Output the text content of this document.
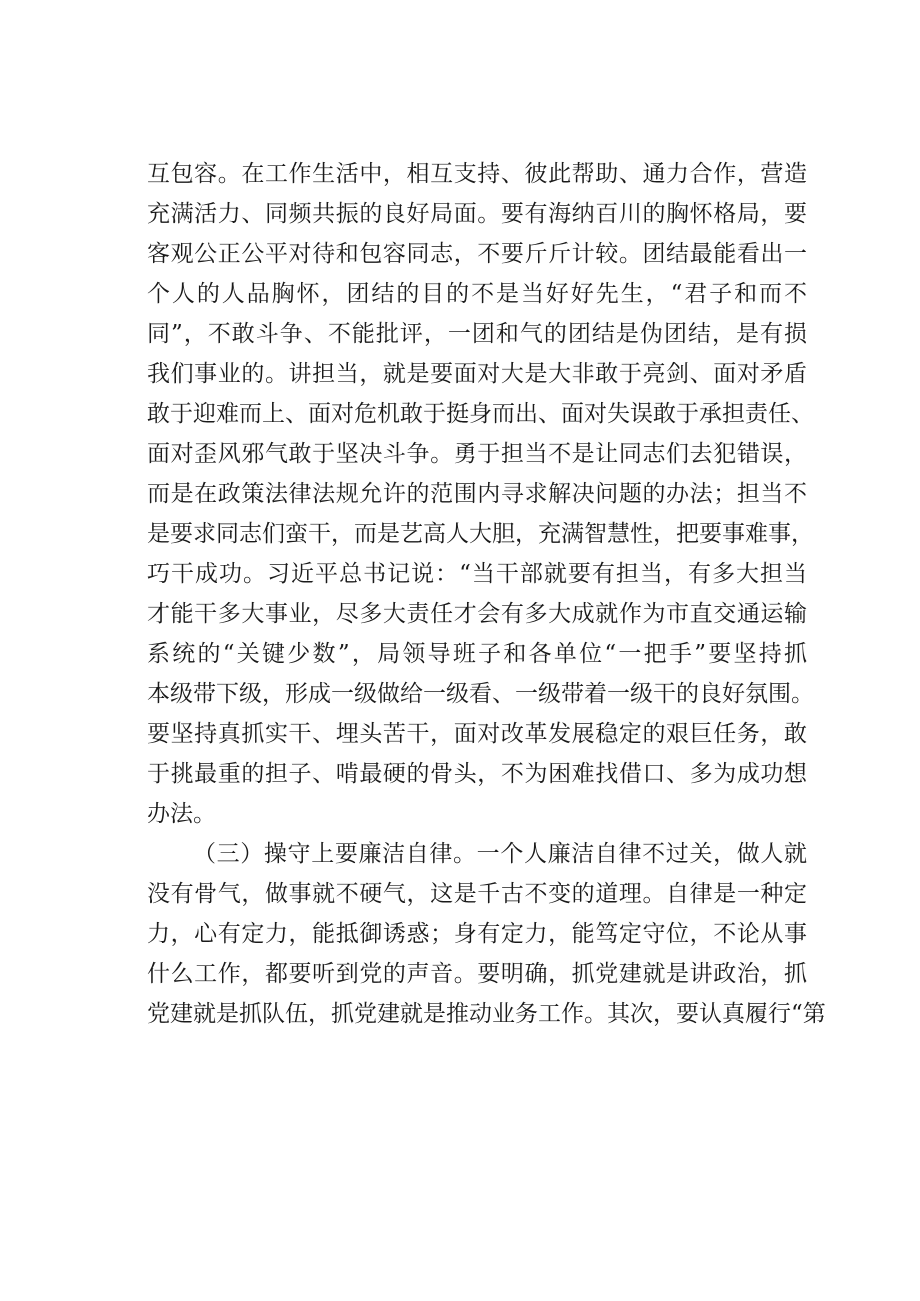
互包容。在工作生活中，相互支持、彼此帮助、通力合作，营造
充满活力、同频共振的良好局面。要有海纳百川的胸怀格局，要
客观公正公平对待和包容同志，不要斤斤计较。团结最能看出一
个人的人品胸怀，团结的目的不是当好好先生，“君子和而不
同”，不敢斗争、不能批评，一团和气的团结是伪团结，是有损
我们事业的。讲担当，就是要面对大是大非敢于亮剑、面对矛盾
敢于迎难而上、面对危机敢于挺身而出、面对失误敢于承担责任、
面对歪风邪气敢于坚决斗争。勇于担当不是让同志们去犯错误，
而是在政策法律法规允许的范围内寻求解决问题的办法；担当不
是要求同志们蛮干，而是艺高人大胆，充满智慧性，把要事难事，
巧干成功。习近平总书记说：“当干部就要有担当，有多大担当
才能干多大事业，尽多大责任才会有多大成就作为市直交通运输
系统的“关键少数”，局领导班子和各单位“一把手”要坚持抓
本级带下级，形成一级做给一级看、一级带着一级干的良好氛围。
要坚持真抓实干、埋头苦干，面对改革发展稳定的艰巨任务，敢
于挑最重的担子、啃最硬的骨头，不为困难找借口、多为成功想
办法。
（三）操守上要廉洁自律。一个人廉洁自律不过关，做人就
没有骨气，做事就不硬气，这是千古不变的道理。自律是一种定
力，心有定力，能抵御诱惑；身有定力，能笃定守位，不论从事
什么工作，都要听到党的声音。要明确，抓党建就是讲政治，抓
党建就是抓队伍，抓党建就是推动业务工作。其次，要认真履行“第
